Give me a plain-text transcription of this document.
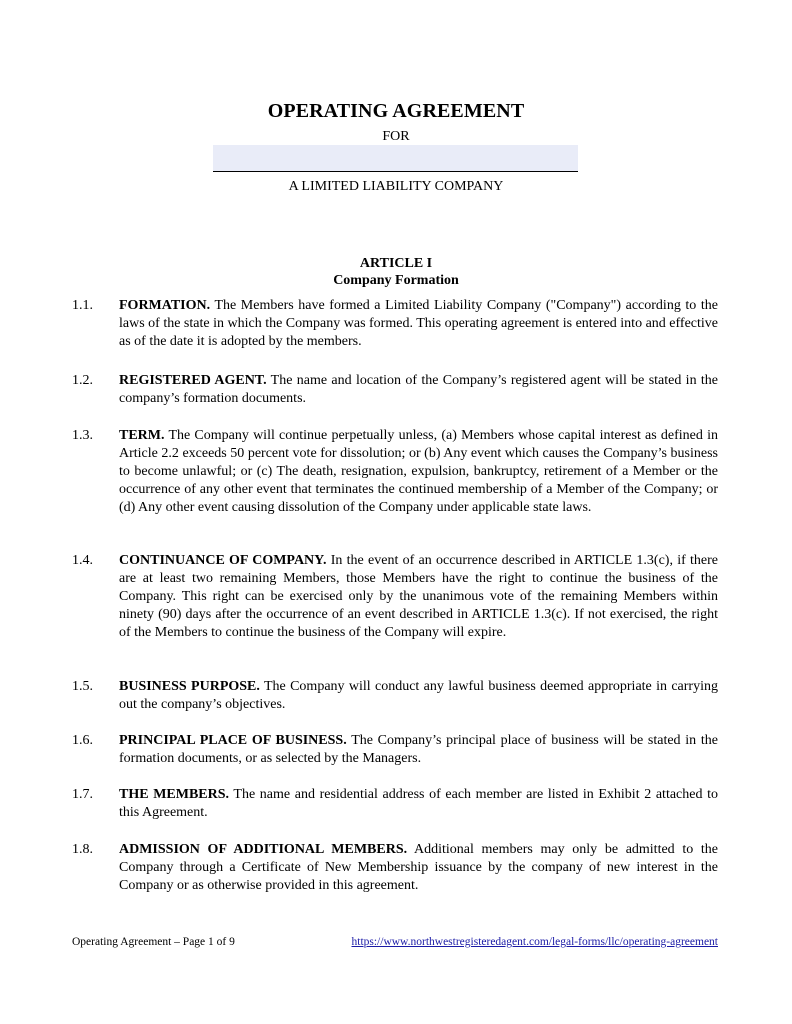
OPERATING AGREEMENT
FOR
A LIMITED LIABILITY COMPANY
ARTICLE I
Company Formation
1.1.	FORMATION. The Members have formed a Limited Liability Company ("Company") according to the laws of the state in which the Company was formed. This operating agreement is entered into and effective as of the date it is adopted by the members.
1.2.	REGISTERED AGENT. The name and location of the Company’s registered agent will be stated in the company’s formation documents.
1.3.	TERM. The Company will continue perpetually unless, (a) Members whose capital interest as defined in Article 2.2 exceeds 50 percent vote for dissolution; or (b) Any event which causes the Company’s business to become unlawful; or (c) The death, resignation, expulsion, bankruptcy, retirement of a Member or the occurrence of any other event that terminates the continued membership of a Member of the Company; or (d) Any other event causing dissolution of the Company under applicable state laws.
1.4.	CONTINUANCE OF COMPANY. In the event of an occurrence described in ARTICLE 1.3(c), if there are at least two remaining Members, those Members have the right to continue the business of the Company. This right can be exercised only by the unanimous vote of the remaining Members within ninety (90) days after the occurrence of an event described in ARTICLE 1.3(c). If not exercised, the right of the Members to continue the business of the Company will expire.
1.5.	BUSINESS PURPOSE. The Company will conduct any lawful business deemed appropriate in carrying out the company’s objectives.
1.6.	PRINCIPAL PLACE OF BUSINESS. The Company’s principal place of business will be stated in the formation documents, or as selected by the Managers.
1.7.	THE MEMBERS. The name and residential address of each member are listed in Exhibit 2 attached to this Agreement.
1.8.	ADMISSION OF ADDITIONAL MEMBERS. Additional members may only be admitted to the Company through a Certificate of New Membership issuance by the company of new interest in the Company or as otherwise provided in this agreement.
Operating Agreement – Page 1 of 9	https://www.northwestregisteredagent.com/legal-forms/llc/operating-agreement
